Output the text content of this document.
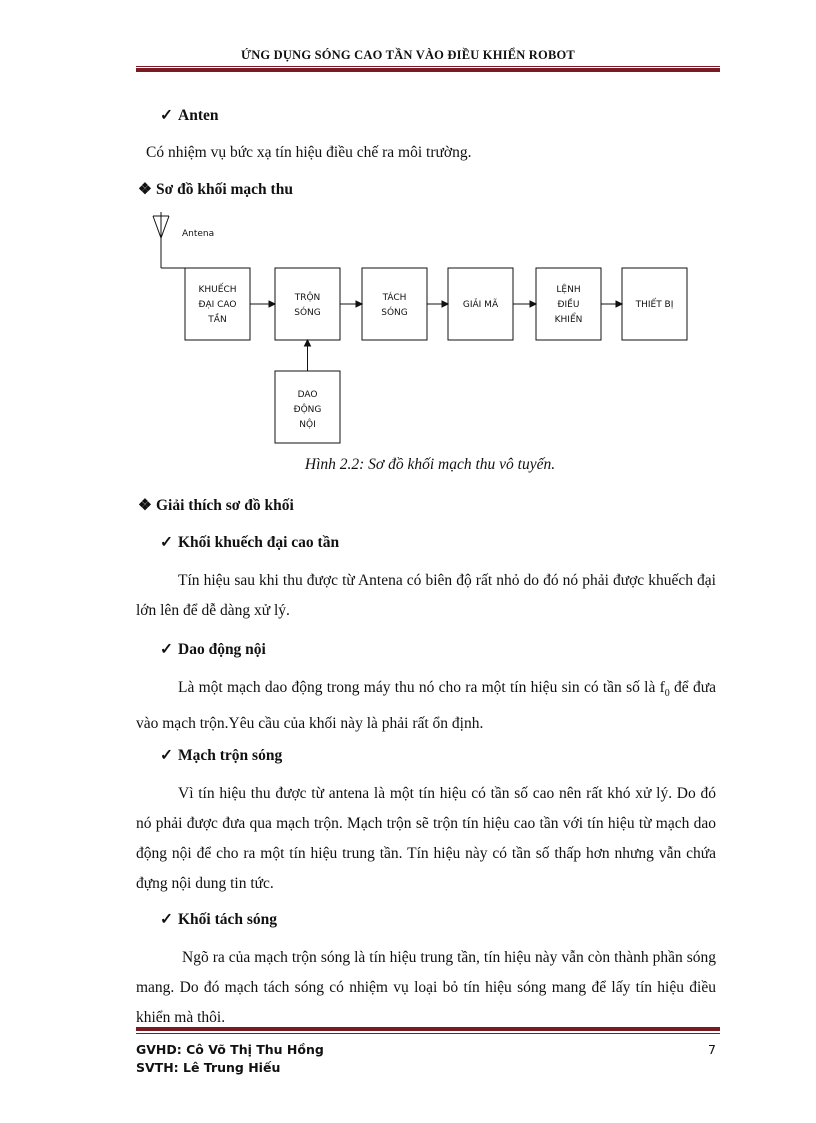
ỨNG DỤNG SÓNG CAO TẦN VÀO ĐIỀU KHIỂN ROBOT
✓ Anten
Có nhiệm vụ bức xạ tín hiệu điều chế ra môi trường.
❖ Sơ đồ khối mạch thu
Antena
KHUẾCH
ĐẠI CAO
TẦN
TRỘN
SÓNG
TÁCH
SÓNG
GIẢI MÃ
LỆNH
ĐIỀU
KHIỂN
THIẾT BỊ
DAO
ĐỘNG
NỘI
Hình 2.2: Sơ đồ khối mạch thu vô tuyến.
❖ Giải thích sơ đồ khối
✓ Khối khuếch đại cao tần
Tín hiệu sau khi thu được từ Antena có biên độ rất nhỏ do đó nó phải được khuếch đại lớn lên để dễ dàng xử lý.
✓ Dao động nội
Là một mạch dao động trong máy thu nó cho ra một tín hiệu sin có tần số là $f_0$ để đưa vào mạch trộn.Yêu cầu của khối này là phải rất ổn định.
✓ Mạch trộn sóng
Vì tín hiệu thu được từ antena là một tín hiệu có tần số cao nên rất khó xử lý. Do đó nó phải được đưa qua mạch trộn. Mạch trộn sẽ trộn tín hiệu cao tần với tín hiệu từ mạch dao động nội để cho ra một tín hiệu trung tần. Tín hiệu này có tần số thấp hơn nhưng vẫn chứa đựng nội dung tin tức.
✓ Khối tách sóng
Ngõ ra của mạch trộn sóng là tín hiệu trung tần, tín hiệu này vẫn còn thành phần sóng mang. Do đó mạch tách sóng có nhiệm vụ loại bỏ tín hiệu sóng mang để lấy tín hiệu điều khiển mà thôi.
GVHD: Cô Võ Thị Thu Hồng
SVTH: Lê Trung Hiếu
7
